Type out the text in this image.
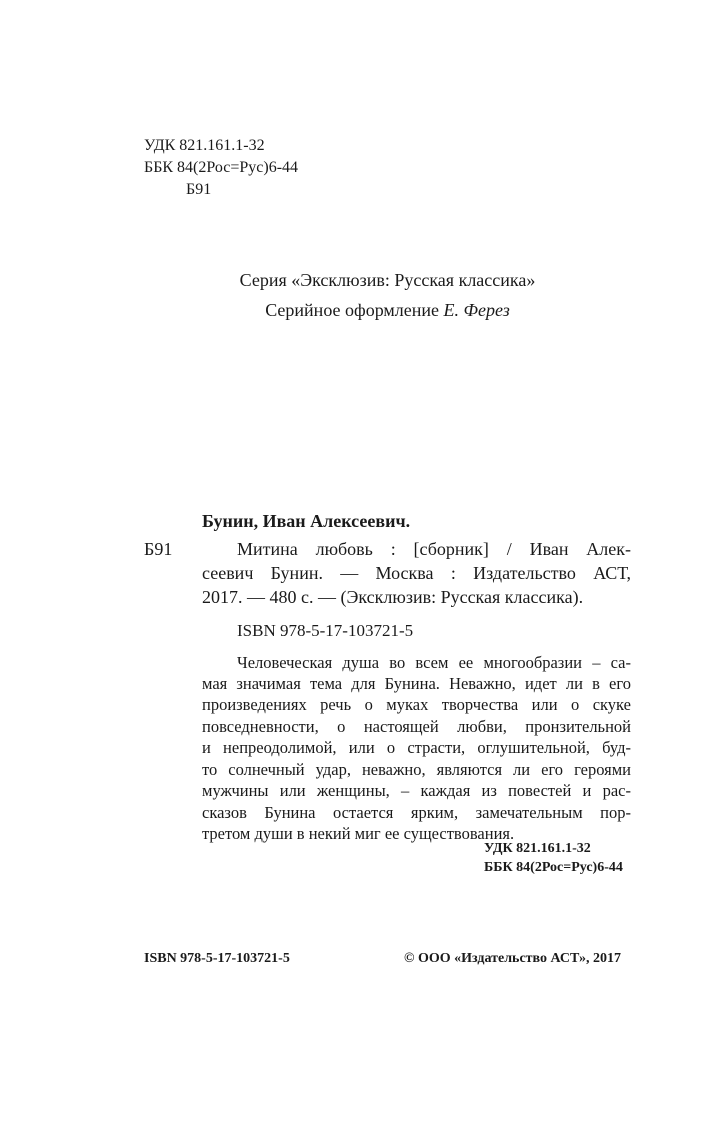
УДК 821.161.1-32
ББК 84(2Рос=Рус)6-44
Б91
Серия «Эксклюзив: Русская классика»
Серийное оформление Е. Ферез
Бунин, Иван Алексеевич.
Б91	Митина любовь : [сборник] / Иван Алек-
сеевич Бунин. — Москва : Издательство АСТ,
2017. — 480 с. — (Эксклюзив: Русская классика).
ISBN 978-5-17-103721-5
Человеческая душа во всем ее многообразии – са-
мая значимая тема для Бунина. Неважно, идет ли в его
произведениях речь о муках творчества или о скуке
повседневности, о настоящей любви, пронзительной
и непреодолимой, или о страсти, оглушительной, буд-
то солнечный удар, неважно, являются ли его героями
мужчины или женщины, – каждая из повестей и рас-
сказов Бунина остается ярким, замечательным пор-
третом души в некий миг ее существования.
УДК 821.161.1-32
ББК 84(2Рос=Рус)6-44
ISBN 978-5-17-103721-5	© ООО «Издательство АСТ», 2017
